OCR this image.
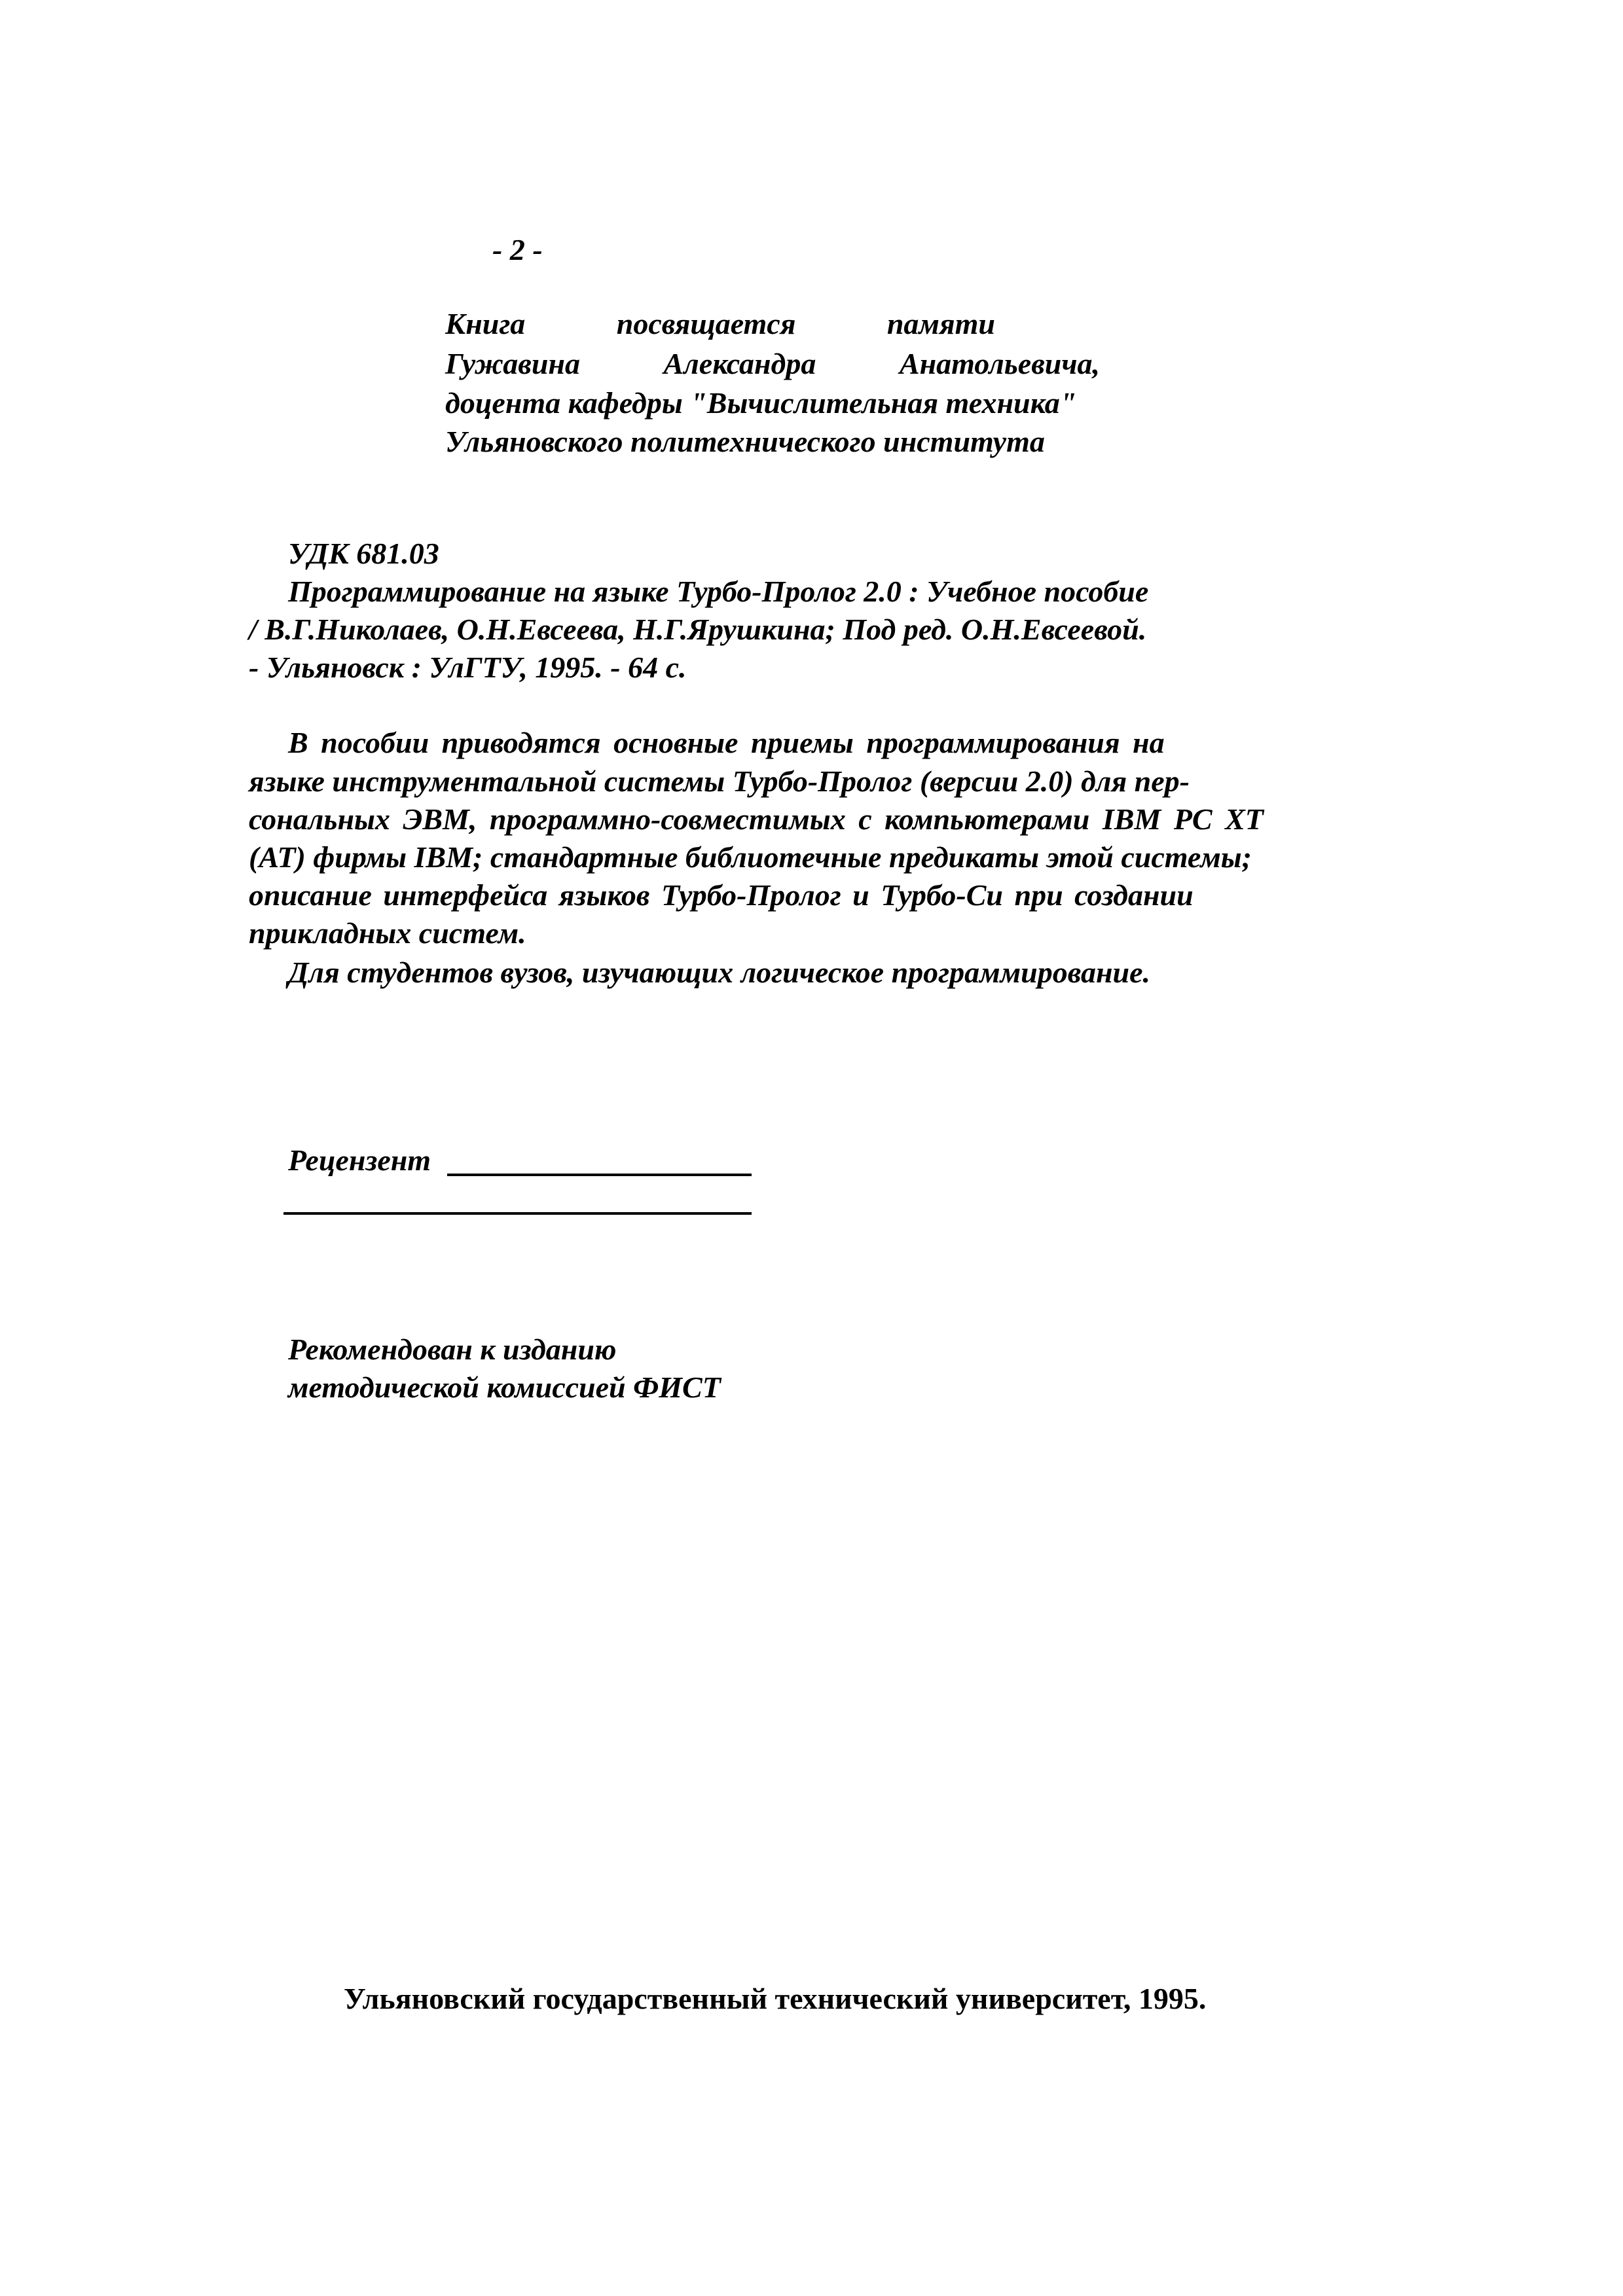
- 2 -

Книга	посвящается	памяти
Гужавина	Александра	Анатольевича,

доцента кафедры "Вычислительная техника"

Ульяновского политехнического института

УДК 681.03

Программирование на языке Турбо-Пролог 2.0 : Учебное пособие

/ В.Г.Николаев, О.Н.Евсеева, Н.Г.Ярушкина; Под ред. О.Н.Евсеевой.

- Ульяновск : УлГТУ, 1995. - 64 с.

В пособии приводятся основные приемы программирования на

языке инструментальной системы Турбо-Пролог (версии 2.0) для пер-

сональных ЭВМ, программно-совместимых с компьютерами IBM PC XT

(AT) фирмы IBM; стандартные библиотечные предикаты этой системы;

описание интерфейса языков Турбо-Пролог и Турбо-Си при создании

прикладных систем.

Для студентов вузов, изучающих логическое программирование.

Рецензент

Рекомендован к изданию

методической комиссией ФИСТ

Ульяновский государственный технический университет, 1995.
